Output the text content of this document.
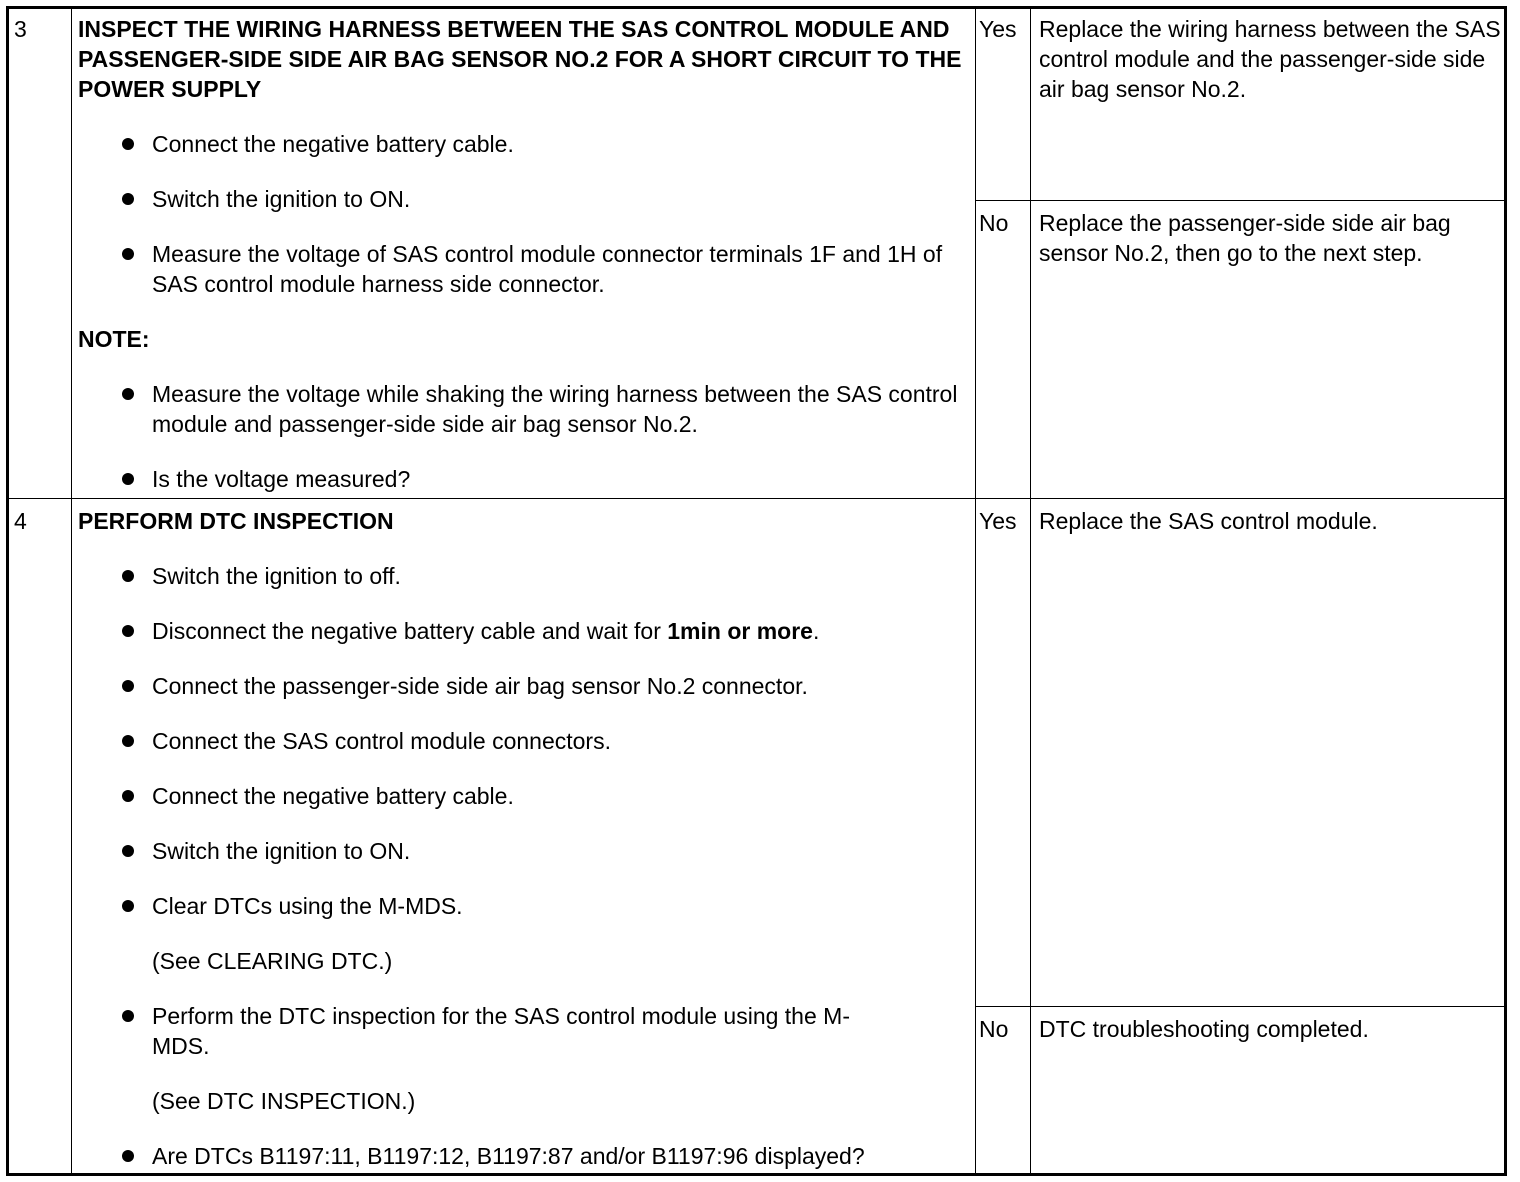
3 INSPECT THE WIRING HARNESS BETWEEN THE SAS CONTROL MODULE AND PASSENGER-SIDE SIDE AIR BAG SENSOR NO.2 FOR A SHORT CIRCUIT TO THE POWER SUPPLY
Connect the negative battery cable.
Switch the ignition to ON.
Measure the voltage of SAS control module connector terminals 1F and 1H of SAS control module harness side connector.
NOTE:
Measure the voltage while shaking the wiring harness between the SAS control module and passenger-side side air bag sensor No.2.
Is the voltage measured?
Yes Replace the wiring harness between the SAS control module and the passenger-side side air bag sensor No.2.
No	Replace the passenger-side side air bag sensor No.2, then go to the next step.
4 PERFORM DTC INSPECTION
Switch the ignition to off.
Disconnect the negative battery cable and wait for 1min or more.
Connect the passenger-side side air bag sensor No.2 connector.
Connect the SAS control module connectors.
Connect the negative battery cable.
Switch the ignition to ON.
Clear DTCs using the M-MDS.
(See CLEARING DTC.)
Perform the DTC inspection for the SAS control module using the M-MDS.
(See DTC INSPECTION.)
Are DTCs B1197:11, B1197:12, B1197:87 and/or B1197:96 displayed?
Yes Replace the SAS control module.
No	DTC troubleshooting completed.
